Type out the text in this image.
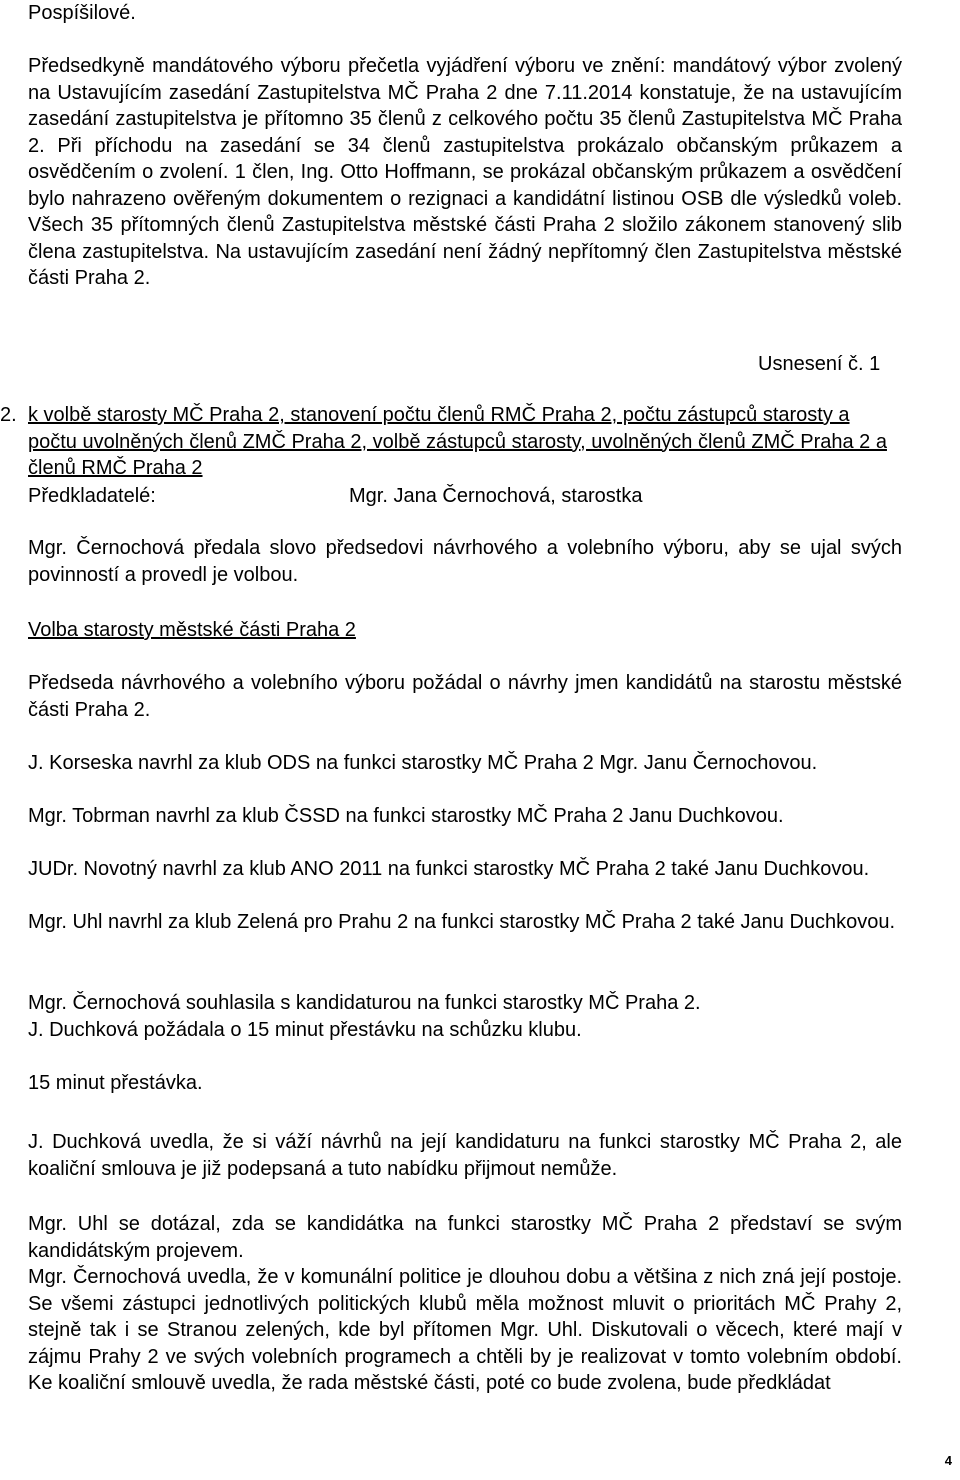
Pospíšilové.

Předsedkyně mandátového výboru přečetla vyjádření výboru ve znění: mandátový výbor zvolený na Ustavujícím zasedání Zastupitelstva MČ Praha 2 dne 7.11.2014 konstatuje, že na ustavujícím zasedání zastupitelstva je přítomno 35 členů z celkového počtu 35 členů Zastupitelstva MČ Praha 2. Při příchodu na zasedání se 34 členů zastupitelstva prokázalo občanským průkazem a osvědčením o zvolení. 1 člen, Ing. Otto Hoffmann, se prokázal občanským průkazem a osvědčení bylo nahrazeno ověřeným dokumentem o rezignaci a kandidátní listinou OSB dle výsledků voleb. Všech 35 přítomných členů Zastupitelstva městské části Praha 2 složilo zákonem stanovený slib člena zastupitelstva. Na ustavujícím zasedání není žádný nepřítomný člen Zastupitelstva městské části Praha 2.

Usnesení č. 1
2. k volbě starosty MČ Praha 2, stanovení počtu členů RMČ Praha 2, počtu zástupců starosty a počtu uvolněných členů ZMČ Praha 2, volbě zástupců starosty, uvolněných členů ZMČ Praha 2 a členů RMČ Praha 2
Předkladatelé:	Mgr. Jana Černochová, starostka

Mgr. Černochová předala slovo předsedovi návrhového a volebního výboru, aby se ujal svých povinností a provedl je volbou.

Volba starosty městské části Praha 2

Předseda návrhového a volebního výboru požádal o návrhy jmen kandidátů na starostu městské části Praha 2.

J. Korseska navrhl za klub ODS na funkci starostky MČ Praha 2 Mgr. Janu Černochovou.

Mgr. Tobrman navrhl za klub ČSSD na funkci starostky MČ Praha 2 Janu Duchkovou.

JUDr. Novotný navrhl za klub ANO 2011 na funkci starostky MČ Praha 2 také Janu Duchkovou.

Mgr. Uhl navrhl za klub Zelená pro Prahu 2 na funkci starostky MČ Praha 2 také Janu Duchkovou.

Mgr. Černochová souhlasila s kandidaturou na funkci starostky MČ Praha 2.

J. Duchková požádala o 15 minut přestávku na schůzku klubu.

15 minut přestávka.

J. Duchková uvedla, že si váží návrhů na její kandidaturu na funkci starostky MČ Praha 2, ale koaliční smlouva je již podepsaná a tuto nabídku přijmout nemůže.

Mgr. Uhl se dotázal, zda se kandidátka na funkci starostky MČ Praha 2 představí se svým kandidátským projevem.

Mgr. Černochová uvedla, že v komunální politice je dlouhou dobu a většina z nich zná její postoje. Se všemi zástupci jednotlivých politických klubů měla možnost mluvit o prioritách MČ Prahy 2, stejně tak i se Stranou zelených, kde byl přítomen Mgr. Uhl. Diskutovali o věcech, které mají v zájmu Prahy 2 ve svých volebních programech a chtěli by je realizovat v tomto volebním období. Ke koaliční smlouvě uvedla, že rada městské části, poté co bude zvolena, bude předkládat

4
